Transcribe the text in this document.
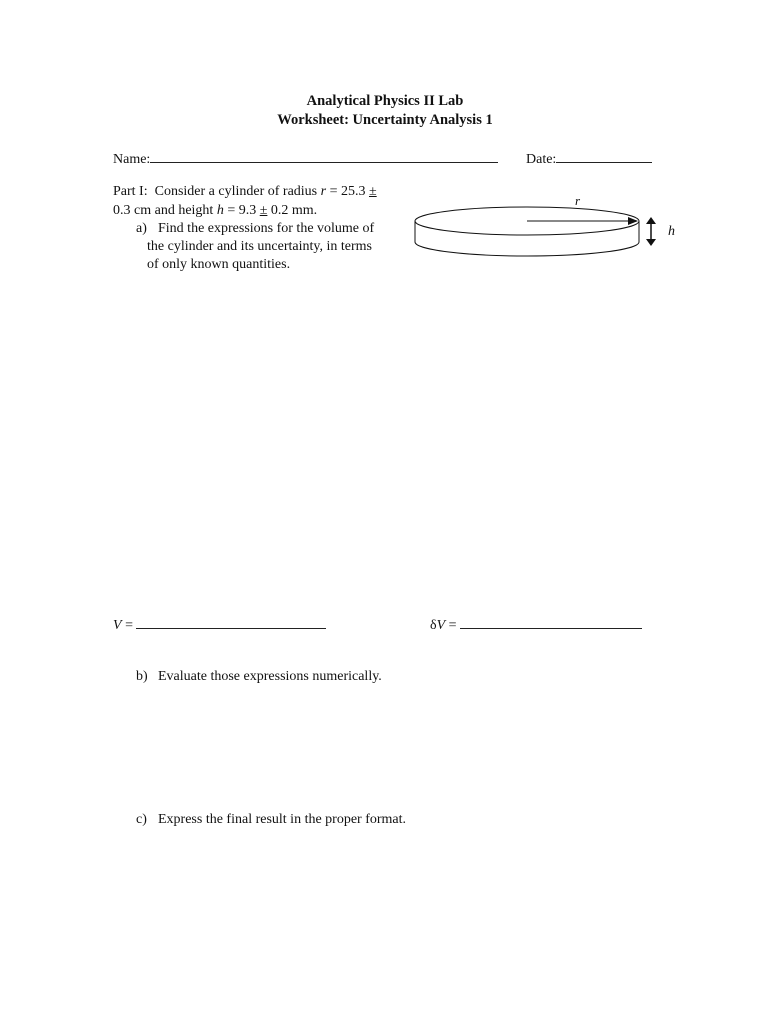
Analytical Physics II Lab
Worksheet: Uncertainty Analysis 1
Name:	Date:
Part I: Consider a cylinder of radius r = 25.3 ±
0.3 cm and height h = 9.3 ± 0.2 mm.
a) Find the expressions for the volume of
the cylinder and its uncertainty, in terms
of only known quantities.
r
h
V =	δV =
b) Evaluate those expressions numerically.
c) Express the final result in the proper format.
